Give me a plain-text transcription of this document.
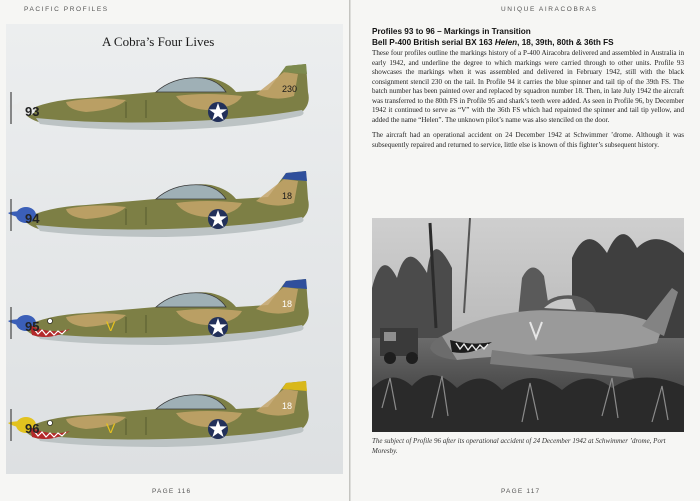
PACIFIC PROFILES
A Cobra’s Four Lives
230
93
18
94
18
V
95
18
V
96
PAGE 116
UNIQUE AIRACOBRAS
Profiles 93 to 96 – Markings in Transition
Bell P-400 British serial BX 163 Helen, 18, 39th, 80th & 36th FS

These four profiles outline the markings history of a P-400 Airacobra delivered and assembled in Australia in early 1942, and underline the degree to which markings were carried through to other units. Profile 93 showcases the markings when it was assembled and delivered in February 1942, still with the black consignment stencil 230 on the tail. In Profile 94 it carries the blue spinner and tail tip of the 39th FS. The batch number has been painted over and replaced by squadron number 18. Then, in late July 1942 the aircraft was transferred to the 80th FS in Profile 95 and shark’s teeth were added. As seen in Profile 96, by December 1942 it continued to serve as “V” with the 36th FS which had repainted the spinner and tail tip yellow, and added the name “Helen”. The unknown pilot’s name was also stenciled on the door.

The aircraft had an operational accident on 24 December 1942 at Schwimmer ’drome. Although it was subsequently repaired and returned to service, little else is known of this fighter’s subsequent history.

The subject of Profile 96 after its operational accident of 24 December 1942 at Schwimmer ’drome, Port Moresby.
PAGE 117
